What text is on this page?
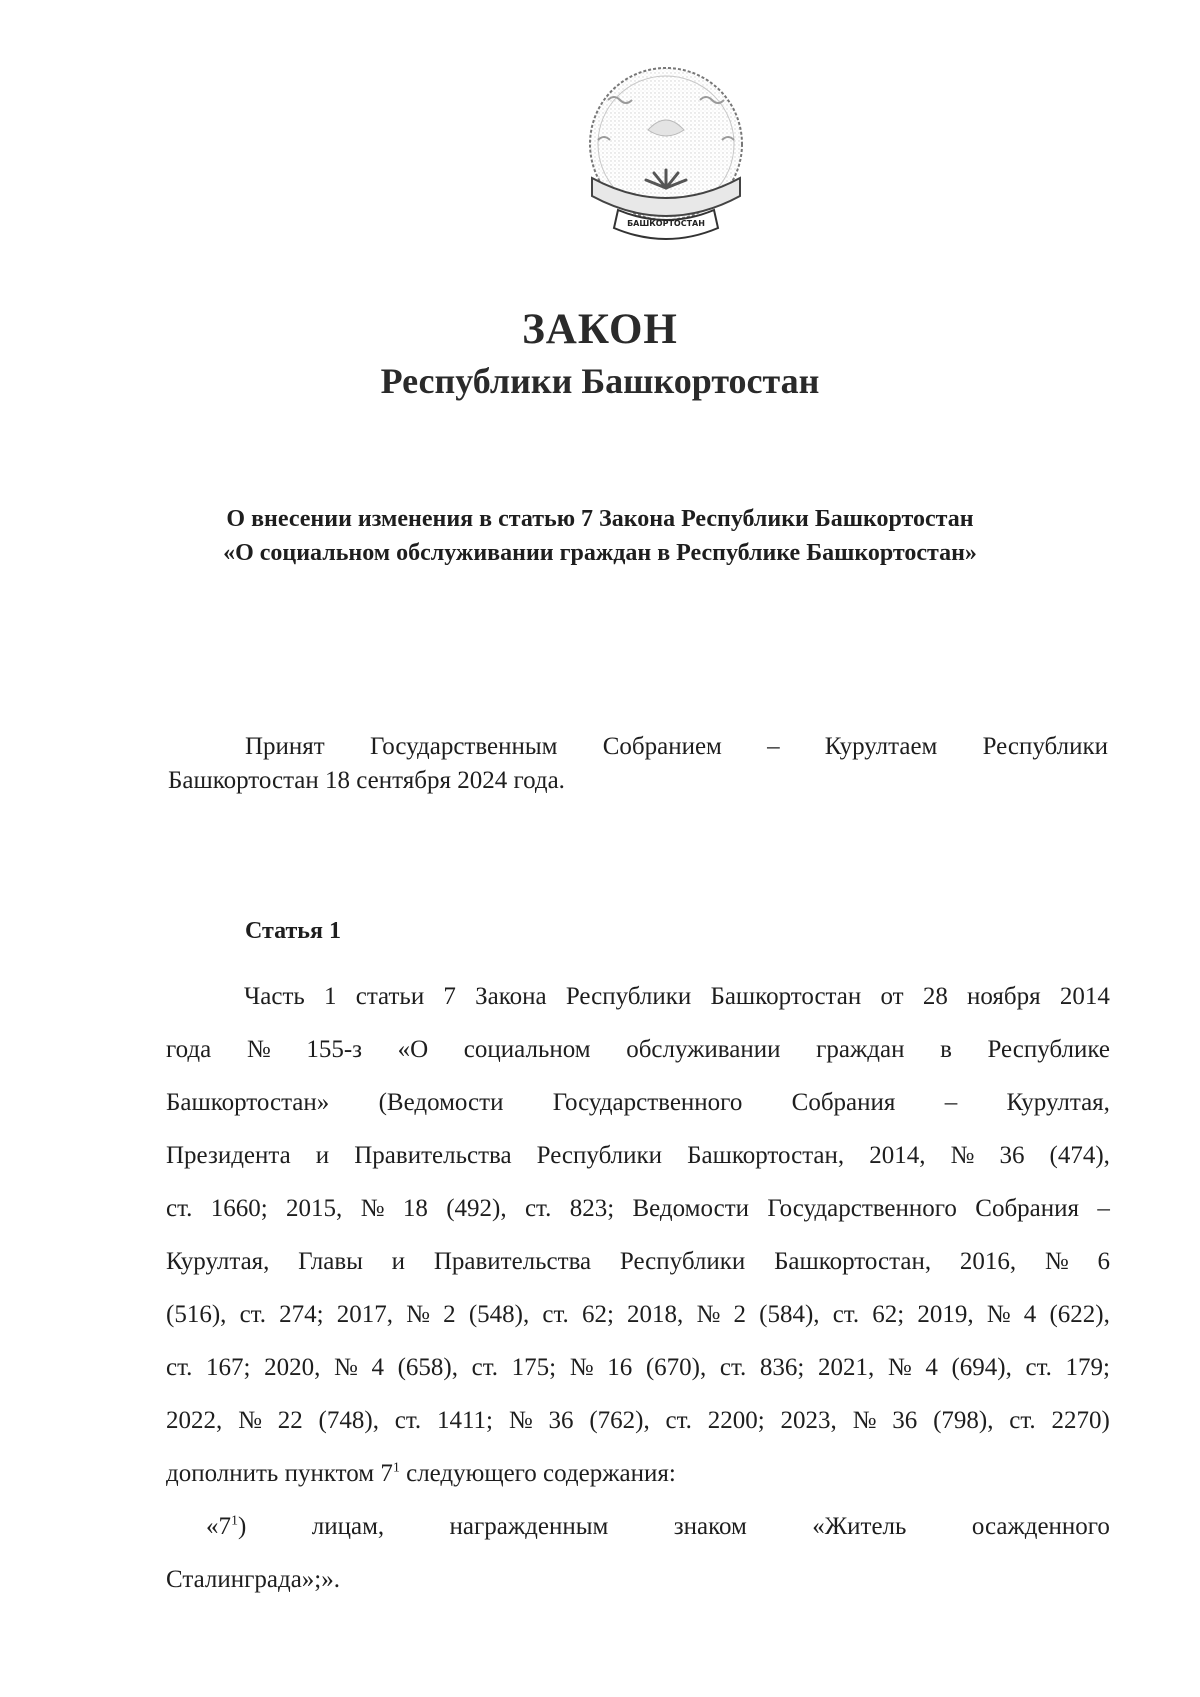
БАШКОРТОСТАН
ЗАКОН
Республики Башкортостан
О внесении изменения в статью 7 Закона Республики Башкортостан
«О социальном обслуживании граждан в Республике Башкортостан»
Принят Государственным Собранием – Курултаем Республики
Башкортостан 18 сентября 2024 года.
Статья 1
Часть 1 статьи 7 Закона Республики Башкортостан от 28 ноября 2014
года № 155-з «О социальном обслуживании граждан в Республике
Башкортостан» (Ведомости Государственного Собрания – Курултая,
Президента и Правительства Республики Башкортостан, 2014, № 36 (474),
ст. 1660; 2015, № 18 (492), ст. 823; Ведомости Государственного Собрания –
Курултая, Главы и Правительства Республики Башкортостан, 2016, № 6
(516), ст. 274; 2017, № 2 (548), ст. 62; 2018, № 2 (584), ст. 62; 2019, № 4 (622),
ст. 167; 2020, № 4 (658), ст. 175; № 16 (670), ст. 836; 2021, № 4 (694), ст. 179;
2022, № 22 (748), ст. 1411; № 36 (762), ст. 2200; 2023, № 36 (798), ст. 2270)
дополнить пунктом $7^1$ следующего содержания:
«$7^1$)	лицам,	награжденным	знаком	«Житель	осажденного
Сталинграда»;».
